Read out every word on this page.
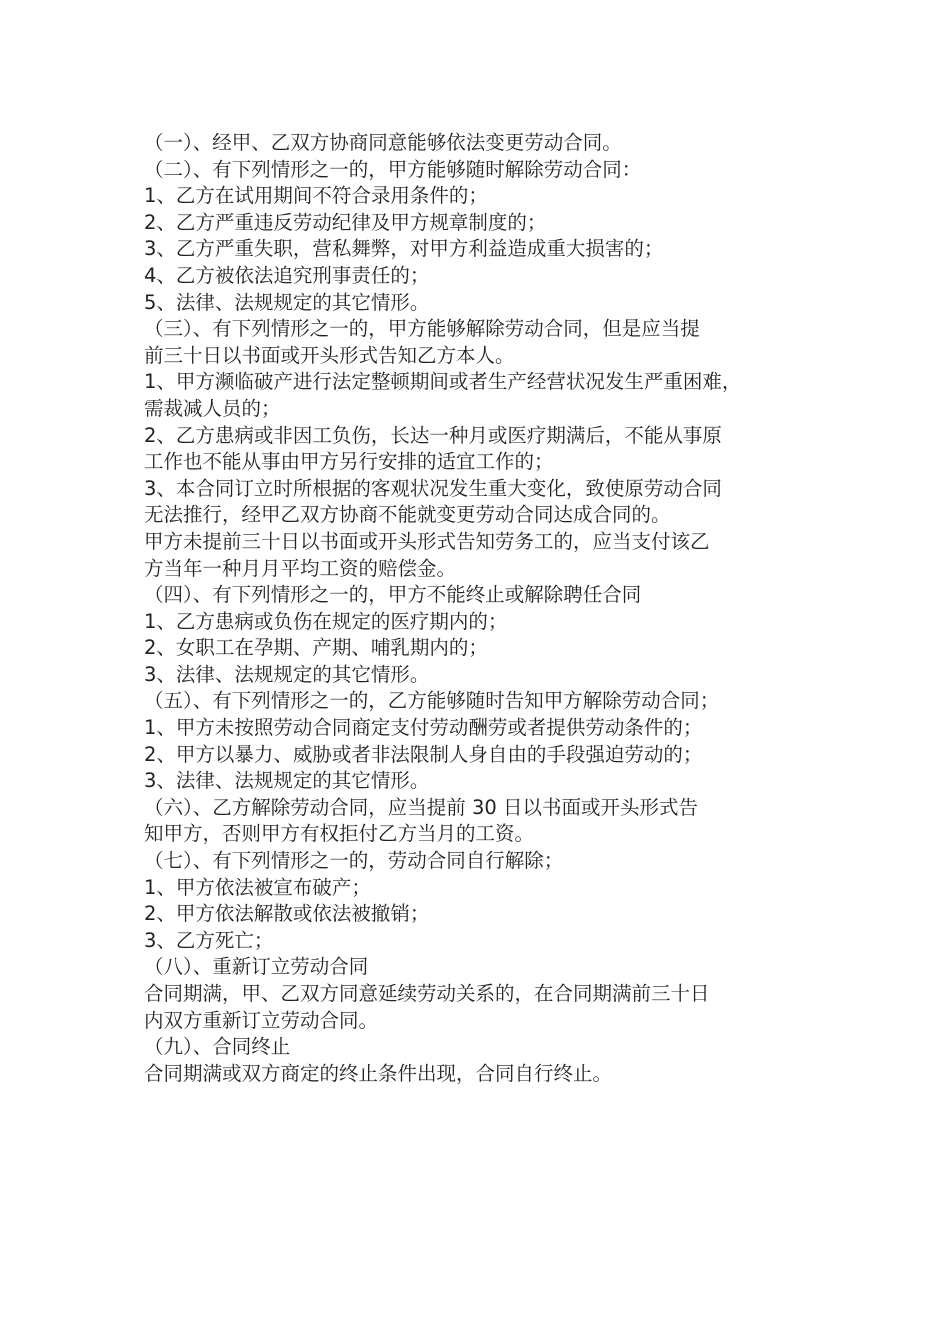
（一）、经甲、乙双方协商同意能够依法变更劳动合同。

（二）、有下列情形之一的，甲方能够随时解除劳动合同：

1、乙方在试用期间不符合录用条件的；

2、乙方严重违反劳动纪律及甲方规章制度的；

3、乙方严重失职，营私舞弊，对甲方利益造成重大损害的；

4、乙方被依法追究刑事责任的；

5、法律、法规规定的其它情形。

（三）、有下列情形之一的，甲方能够解除劳动合同，但是应当提

前三十日以书面或开头形式告知乙方本人。

1、甲方濒临破产进行法定整顿期间或者生产经营状况发生严重困难，

需裁减人员的；

2、乙方患病或非因工负伤，长达一种月或医疗期满后，不能从事原

工作也不能从事由甲方另行安排的适宜工作的；

3、本合同订立时所根据的客观状况发生重大变化，致使原劳动合同

无法推行，经甲乙双方协商不能就变更劳动合同达成合同的。

甲方未提前三十日以书面或开头形式告知劳务工的，应当支付该乙

方当年一种月月平均工资的赔偿金。

（四）、有下列情形之一的，甲方不能终止或解除聘任合同

1、乙方患病或负伤在规定的医疗期内的；

2、女职工在孕期、产期、哺乳期内的；

3、法律、法规规定的其它情形。

（五）、有下列情形之一的，乙方能够随时告知甲方解除劳动合同；

1、甲方未按照劳动合同商定支付劳动酬劳或者提供劳动条件的；

2、甲方以暴力、威胁或者非法限制人身自由的手段强迫劳动的；

3、法律、法规规定的其它情形。

（六）、乙方解除劳动合同，应当提前 30 日以书面或开头形式告

知甲方，否则甲方有权拒付乙方当月的工资。

（七）、有下列情形之一的，劳动合同自行解除；

1、甲方依法被宣布破产；

2、甲方依法解散或依法被撤销；

3、乙方死亡；

（八）、重新订立劳动合同

合同期满，甲、乙双方同意延续劳动关系的，在合同期满前三十日

内双方重新订立劳动合同。

（九）、合同终止

合同期满或双方商定的终止条件出现，合同自行终止。
